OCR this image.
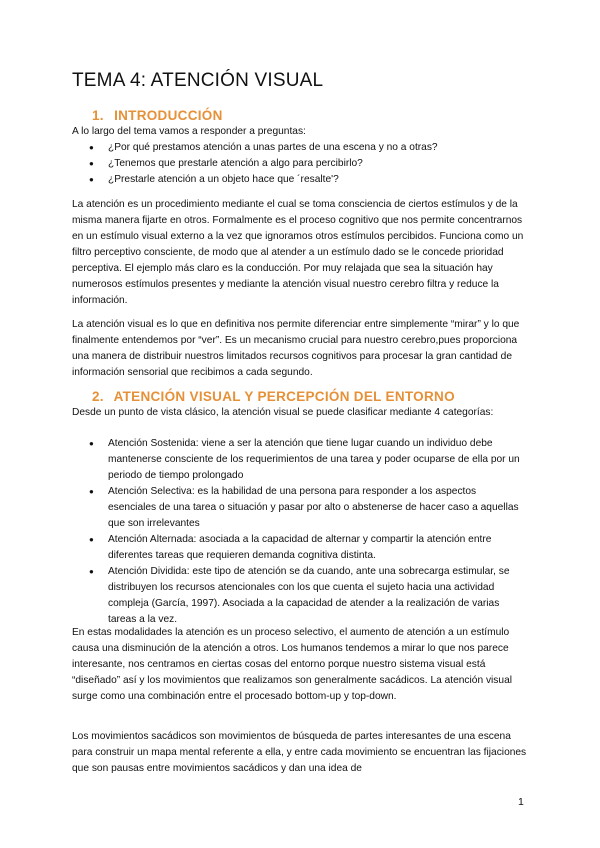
TEMA 4: ATENCIÓN VISUAL
1. INTRODUCCIÓN

A lo largo del tema vamos a responder a preguntas:

● ¿Por qué prestamos atención a unas partes de una escena y no a otras?
● ¿Tenemos que prestarle atención a algo para percibirlo?
● ¿Prestarle atención a un objeto hace que ´resalte'?

La atención es un procedimiento mediante el cual se toma consciencia de ciertos estímulos y de la misma manera fijarte en otros. Formalmente es el proceso cognitivo que nos permite concentrarnos en un estímulo visual externo a la vez que ignoramos otros estímulos percibidos. Funciona como un filtro perceptivo consciente, de modo que al atender a un estímulo dado se le concede prioridad perceptiva. El ejemplo más claro es la conducción. Por muy relajada que sea la situación hay numerosos estímulos presentes y mediante la atención visual nuestro cerebro filtra y reduce la información.

La atención visual es lo que en definitiva nos permite diferenciar entre simplemente “mirar” y lo que finalmente entendemos por “ver”. Es un mecanismo crucial para nuestro cerebro,pues proporciona una manera de distribuir nuestros limitados recursos cognitivos para procesar la gran cantidad de información sensorial que recibimos a cada segundo.

2. ATENCIÓN VISUAL Y PERCEPCIÓN DEL ENTORNO

Desde un punto de vista clásico, la atención visual se puede clasificar mediante 4 categorías:

● Atención Sostenida: viene a ser la atención que tiene lugar cuando un individuo debe mantenerse consciente de los requerimientos de una tarea y poder ocuparse de ella por un periodo de tiempo prolongado
● Atención Selectiva: es la habilidad de una persona para responder a los aspectos esenciales de una tarea o situación y pasar por alto o abstenerse de hacer caso a aquellas que son irrelevantes
● Atención Alternada: asociada a la capacidad de alternar y compartir la atención entre diferentes tareas que requieren demanda cognitiva distinta.
● Atención Dividida: este tipo de atención se da cuando, ante una sobrecarga estimular, se distribuyen los recursos atencionales con los que cuenta el sujeto hacia una actividad compleja (García, 1997). Asociada a la capacidad de atender a la realización de varias tareas a la vez.

En estas modalidades la atención es un proceso selectivo, el aumento de atención a un estímulo causa una disminución de la atención a otros. Los humanos tendemos a mirar lo que nos parece interesante, nos centramos en ciertas cosas del entorno porque nuestro sistema visual está “diseñado” así y los movimientos que realizamos son generalmente sacádicos. La atención visual surge como una combinación entre el procesado bottom-up y top-down.

Los movimientos sacádicos son movimientos de búsqueda de partes interesantes de una escena para construir un mapa mental referente a ella, y entre cada movimiento se encuentran las fijaciones que son pausas entre movimientos sacádicos y dan una idea de

1
